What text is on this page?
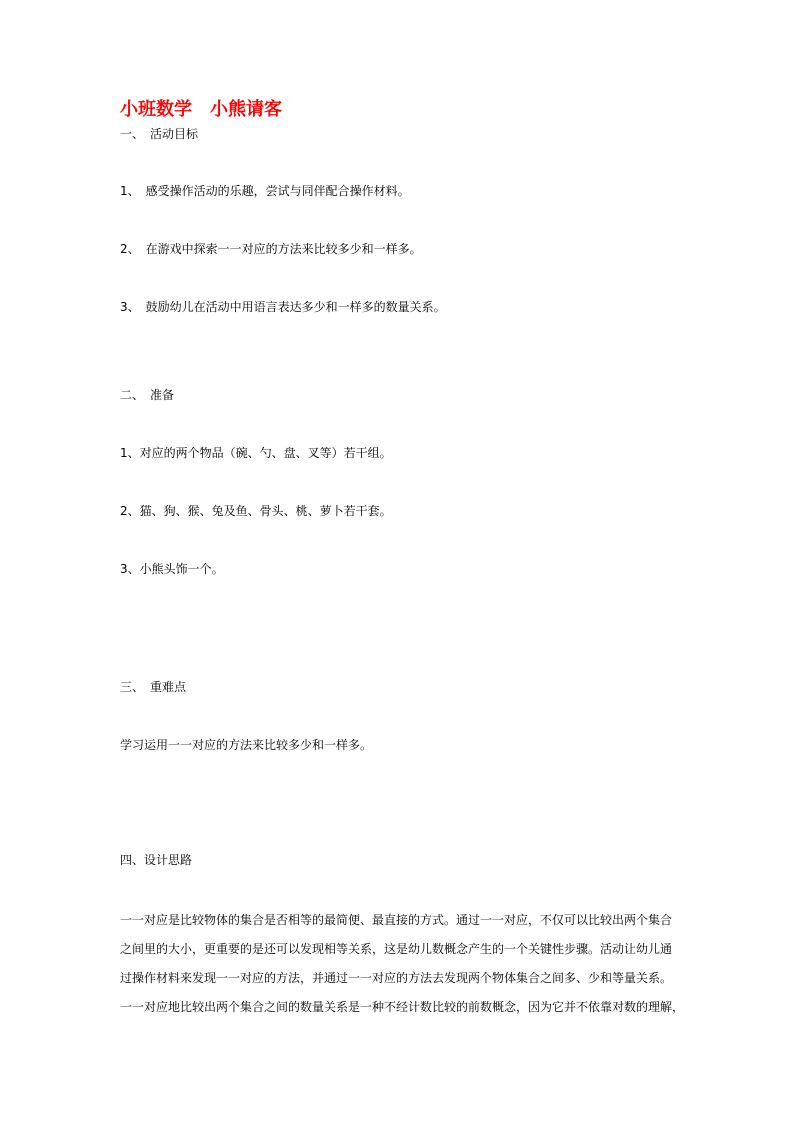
小班数学　小熊请客
一、　活动目标
1、　感受操作活动的乐趣，尝试与同伴配合操作材料。
2、　在游戏中探索一一对应的方法来比较多少和一样多。
3、　鼓励幼儿在活动中用语言表达多少和一样多的数量关系。
二、　准备
1、对应的两个物品（碗、勺、盘、叉等）若干组。
2、猫、狗、猴、兔及鱼、骨头、桃、萝卜若干套。
3、小熊头饰一个。
三、　重难点
学习运用一一对应的方法来比较多少和一样多。
四、设计思路
一一对应是比较物体的集合是否相等的最简便、最直接的方式。通过一一对应，不仅可以比较出两个集合
之间里的大小，更重要的是还可以发现相等关系，这是幼儿数概念产生的一个关键性步骤。活动让幼儿通
过操作材料来发现一一对应的方法，并通过一一对应的方法去发现两个物体集合之间多、少和等量关系。
一一对应地比较出两个集合之间的数量关系是一种不经计数比较的前数概念，因为它并不依靠对数的理解，
